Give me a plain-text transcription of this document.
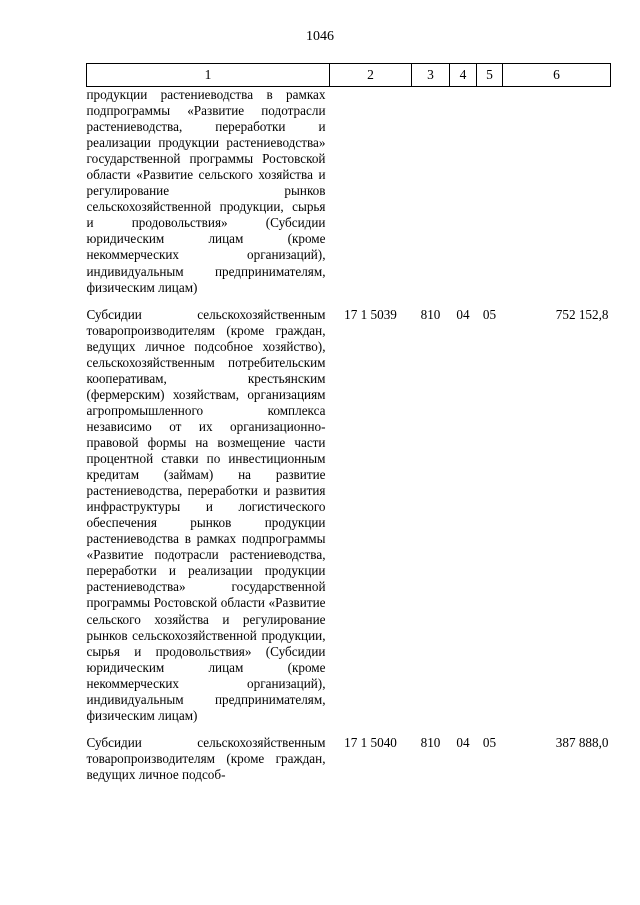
1046
1	2	3	4	5	6
продукции растениеводства в рамках подпрограммы «Развитие подотрасли растениеводства, переработки и реализации продукции растениеводства» государственной программы Ростовской области «Развитие сельского хозяйства и регулирование рынков сельскохозяйственной продукции, сырья и продовольствия» (Субсидии юридическим лицам (кроме некоммерческих организаций), индивидуальным предпринимателям, физическим лицам)					
Субсидии сельскохозяйственным товаропроизводителям (кроме граждан, ведущих личное подсобное хозяйство), сельскохозяйственным потребительским кооперативам, крестьянским (фермерским) хозяйствам, организациям агропромышленного комплекса независимо от их организационно-правовой формы на возмещение части процентной ставки по инвестиционным кредитам (займам) на развитие растениеводства, переработки и развития инфраструктуры и логистического обеспечения рынков продукции растениеводства в рамках подпрограммы «Развитие подотрасли растениеводства, переработки и реализации продукции растениеводства» государственной программы Ростовской области «Развитие сельского хозяйства и регулирование рынков сельскохозяйственной продукции, сырья и продовольствия» (Субсидии юридическим лицам (кроме некоммерческих организаций), индивидуальным предпринимателям, физическим лицам)	17 1 5039	810	04	05	752 152,8
Субсидии сельскохозяйственным товаропроизводителям (кроме граждан, ведущих личное подсоб-	17 1 5040	810	04	05	387 888,0
